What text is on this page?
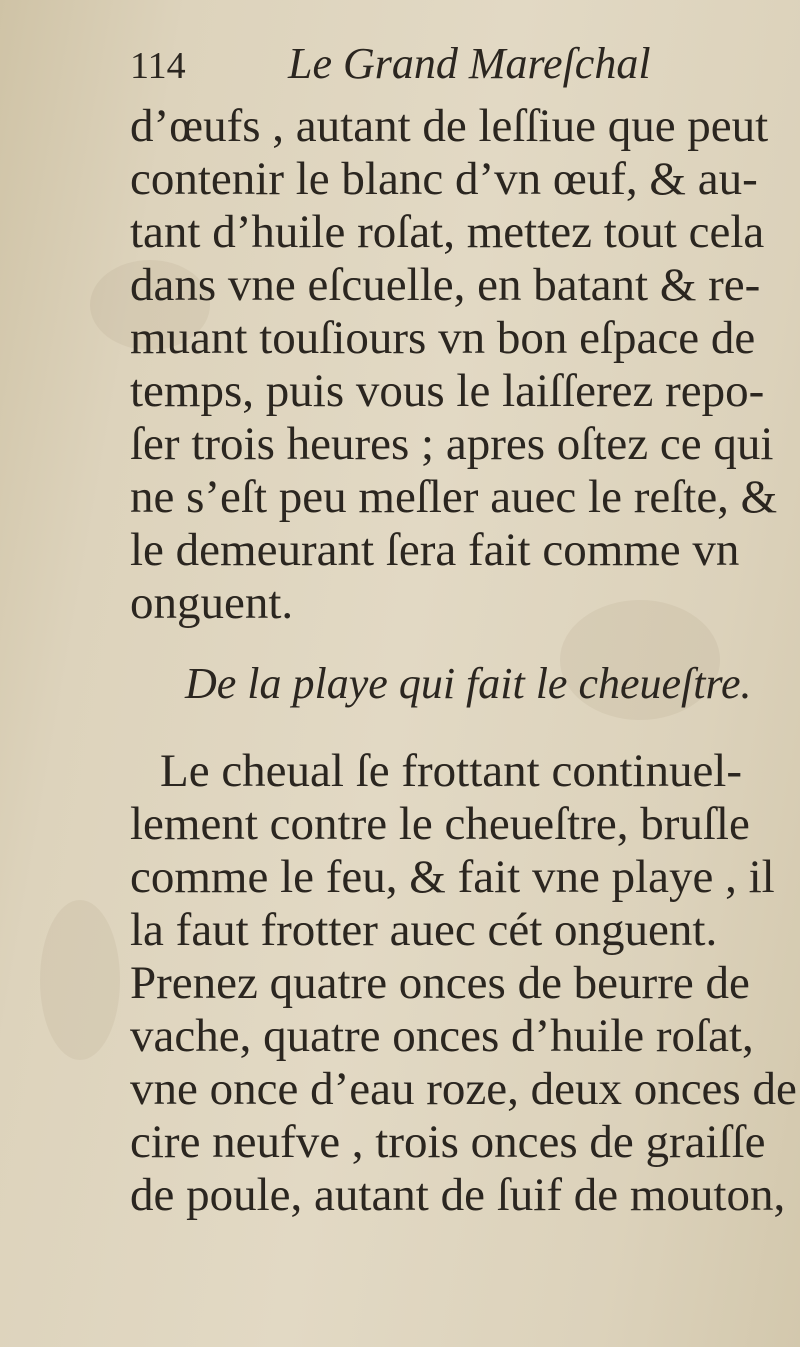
114 Le Grand Mareſchal
d’œufs , autant de leſſiue que peut
contenir le blanc d’vn œuf, & au-
tant d’huile roſat, mettez tout cela
dans vne eſcuelle, en batant & re-
muant touſiours vn bon eſpace de
temps, puis vous le laiſſerez repo-
ſer trois heures ; apres oſtez ce qui
ne s’eſt peu meſler auec le reſte, &
le demeurant ſera fait comme vn
onguent.
De la playe qui fait le cheueſtre.
Le cheual ſe frottant continuel-
lement contre le cheueſtre, bruſle
comme le feu, & fait vne playe , il
la faut frotter auec cét onguent.
Prenez quatre onces de beurre de
vache, quatre onces d’huile roſat,
vne once d’eau roze, deux onces de
cire neufve , trois onces de graiſſe
de poule, autant de ſuif de mouton,
